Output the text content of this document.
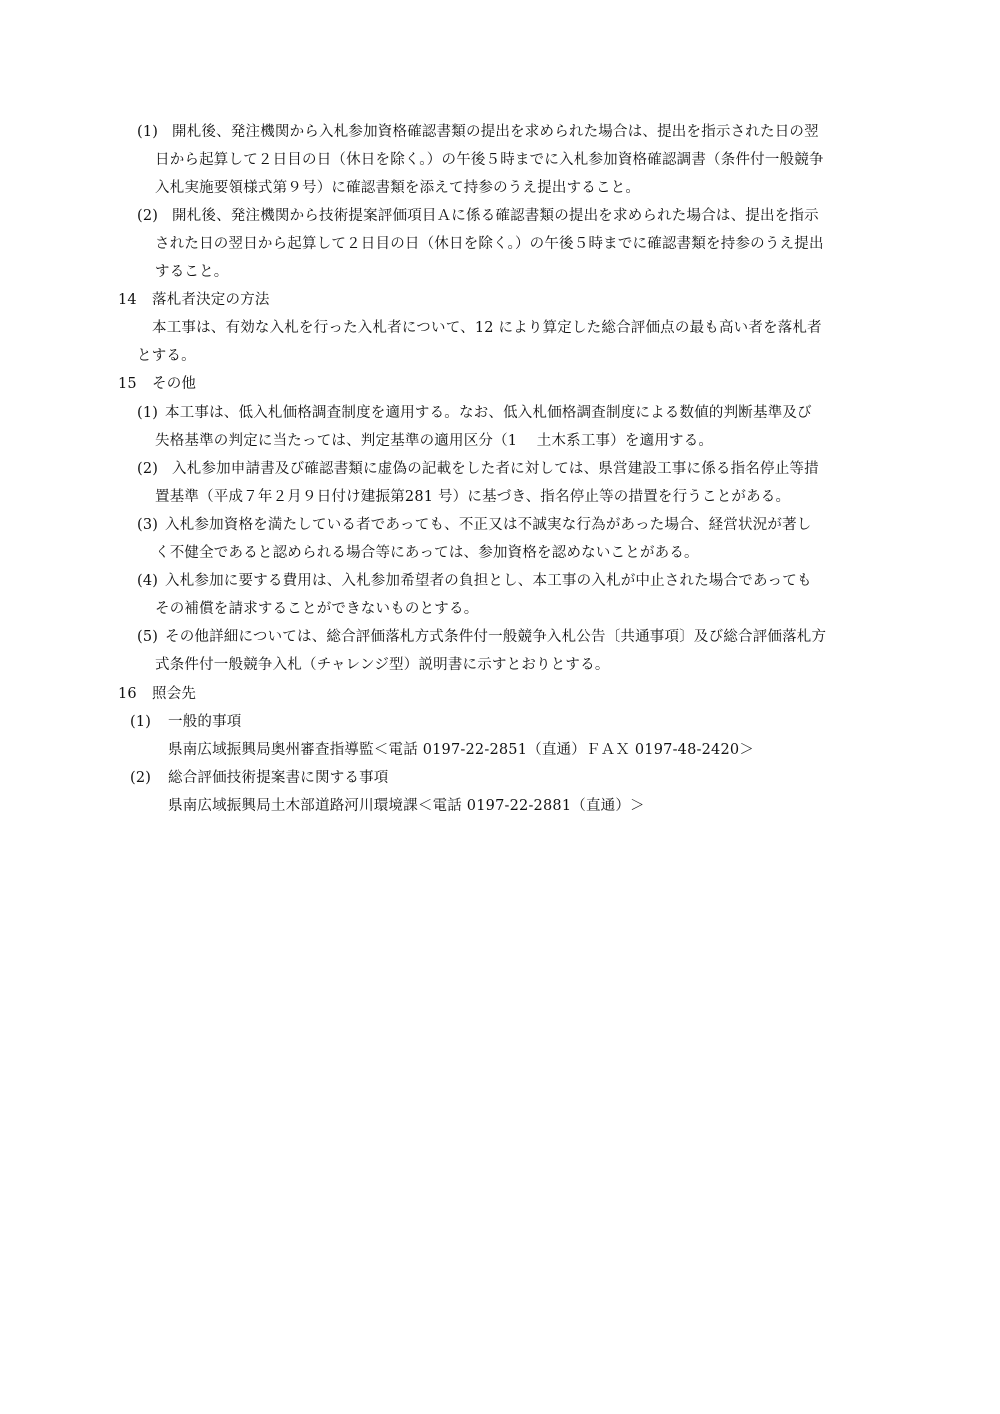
(1) 開札後、発注機関から入札参加資格確認書類の提出を求められた場合は、提出を指示された日の翌
日から起算して２日目の日（休日を除く。）の午後５時までに入札参加資格確認調書（条件付一般競争
入札実施要領様式第９号）に確認書類を添えて持参のうえ提出すること。
(2) 開札後、発注機関から技術提案評価項目Ａに係る確認書類の提出を求められた場合は、提出を指示
された日の翌日から起算して２日目の日（休日を除く。）の午後５時までに確認書類を持参のうえ提出
すること。
14 落札者決定の方法
本工事は、有効な入札を行った入札者について、12 により算定した総合評価点の最も高い者を落札者
とする。
15 その他
(1) 本工事は、低入札価格調査制度を適用する。なお、低入札価格調査制度による数値的判断基準及び
失格基準の判定に当たっては、判定基準の適用区分（1　 土木系工事）を適用する。
(2) 入札参加申請書及び確認書類に虚偽の記載をした者に対しては、県営建設工事に係る指名停止等措
置基準（平成７年２月９日付け建振第281 号）に基づき、指名停止等の措置を行うことがある。
(3) 入札参加資格を満たしている者であっても、不正又は不誠実な行為があった場合、経営状況が著し
く不健全であると認められる場合等にあっては、参加資格を認めないことがある。
(4) 入札参加に要する費用は、入札参加希望者の負担とし、本工事の入札が中止された場合であっても
その補償を請求することができないものとする。
(5) その他詳細については、総合評価落札方式条件付一般競争入札公告〔共通事項〕及び総合評価落札方
式条件付一般競争入札（チャレンジ型）説明書に示すとおりとする。
16 照会先
(1) 一般的事項
県南広域振興局奥州審査指導監＜電話 0197-22-2851（直通）ＦＡＸ 0197-48-2420＞
(2) 総合評価技術提案書に関する事項
県南広域振興局土木部道路河川環境課＜電話 0197-22-2881（直通）＞
